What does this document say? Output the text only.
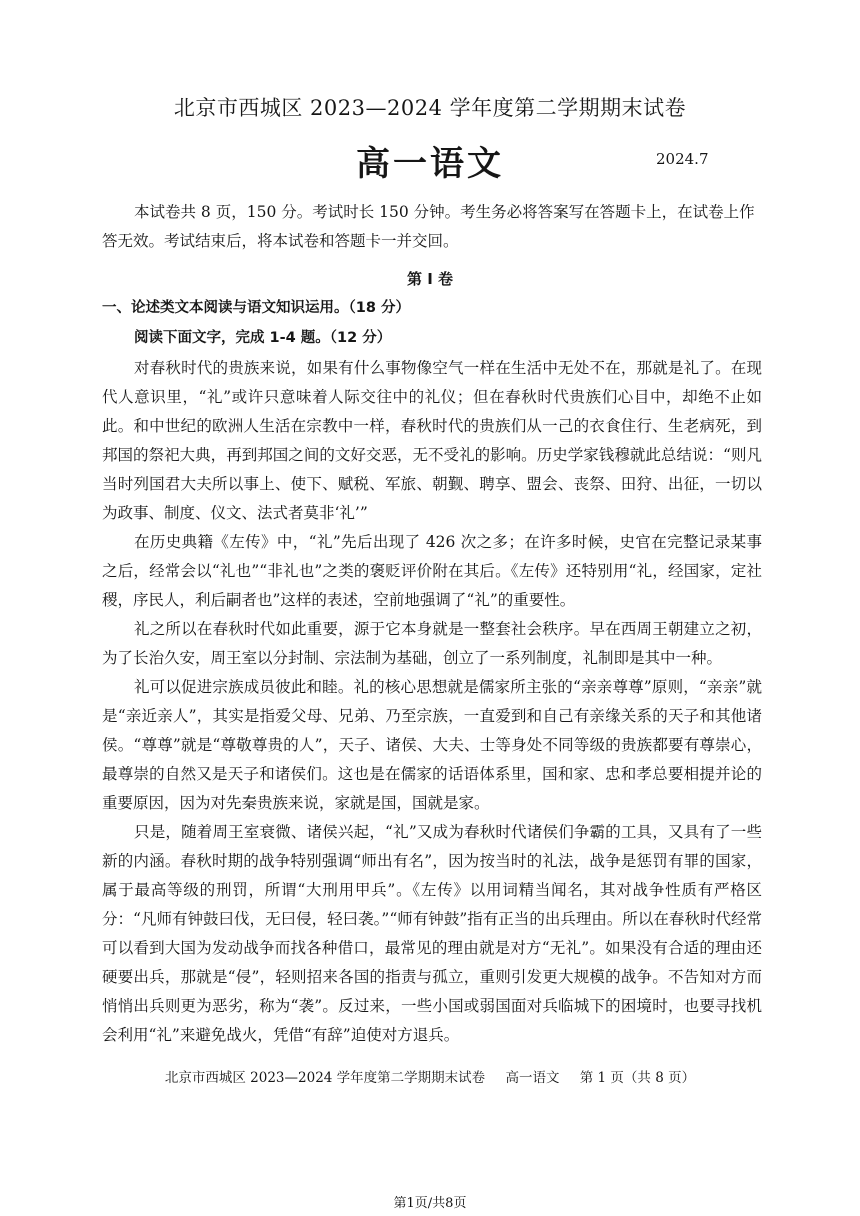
北京市西城区 2023—2024 学年度第二学期期末试卷
高一语文	2024.7

本试卷共 8 页，150 分。考试时长 150 分钟。考生务必将答案写在答题卡上，在试卷上作答无效。考试结束后，将本试卷和答题卡一并交回。

第 Ⅰ 卷
一、论述类文本阅读与语文知识运用。（18 分）
阅读下面文字，完成 1-4 题。（12 分）

对春秋时代的贵族来说，如果有什么事物像空气一样在生活中无处不在，那就是礼了。在现代人意识里，“礼”或许只意味着人际交往中的礼仪；但在春秋时代贵族们心目中，却绝不止如此。和中世纪的欧洲人生活在宗教中一样，春秋时代的贵族们从一己的衣食住行、生老病死，到邦国的祭祀大典，再到邦国之间的文好交恶，无不受礼的影响。历史学家钱穆就此总结说：“则凡当时列国君大夫所以事上、使下、赋税、军旅、朝觐、聘享、盟会、丧祭、田狩、出征，一切以为政事、制度、仪文、法式者莫非‘礼’”

在历史典籍《左传》中，“礼”先后出现了 426 次之多；在许多时候，史官在完整记录某事之后，经常会以“礼也”“非礼也”之类的褒贬评价附在其后。《左传》还特别用“礼，经国家，定社稷，序民人，利后嗣者也”这样的表述，空前地强调了“礼”的重要性。

礼之所以在春秋时代如此重要，源于它本身就是一整套社会秩序。早在西周王朝建立之初，为了长治久安，周王室以分封制、宗法制为基础，创立了一系列制度，礼制即是其中一种。

礼可以促进宗族成员彼此和睦。礼的核心思想就是儒家所主张的“亲亲尊尊”原则，“亲亲”就是“亲近亲人”，其实是指爱父母、兄弟、乃至宗族，一直爱到和自己有亲缘关系的天子和其他诸侯。“尊尊”就是“尊敬尊贵的人”，天子、诸侯、大夫、士等身处不同等级的贵族都要有尊崇心，最尊崇的自然又是天子和诸侯们。这也是在儒家的话语体系里，国和家、忠和孝总要相提并论的重要原因，因为对先秦贵族来说，家就是国，国就是家。

只是，随着周王室衰微、诸侯兴起，“礼”又成为春秋时代诸侯们争霸的工具，又具有了一些新的内涵。春秋时期的战争特别强调“师出有名”，因为按当时的礼法，战争是惩罚有罪的国家，属于最高等级的刑罚，所谓“大刑用甲兵”。《左传》以用词精当闻名，其对战争性质有严格区分：“凡师有钟鼓曰伐，无曰侵，轻曰袭。”“师有钟鼓”指有正当的出兵理由。所以在春秋时代经常可以看到大国为发动战争而找各种借口，最常见的理由就是对方“无礼”。如果没有合适的理由还硬要出兵，那就是“侵”，轻则招来各国的指责与孤立，重则引发更大规模的战争。不告知对方而悄悄出兵则更为恶劣，称为“袭”。反过来，一些小国或弱国面对兵临城下的困境时，也要寻找机会利用“礼”来避免战火，凭借“有辞”迫使对方退兵。

北京市西城区 2023—2024 学年度第二学期期末试卷 高一语文 第 1 页（共 8 页）
第1页/共8页
